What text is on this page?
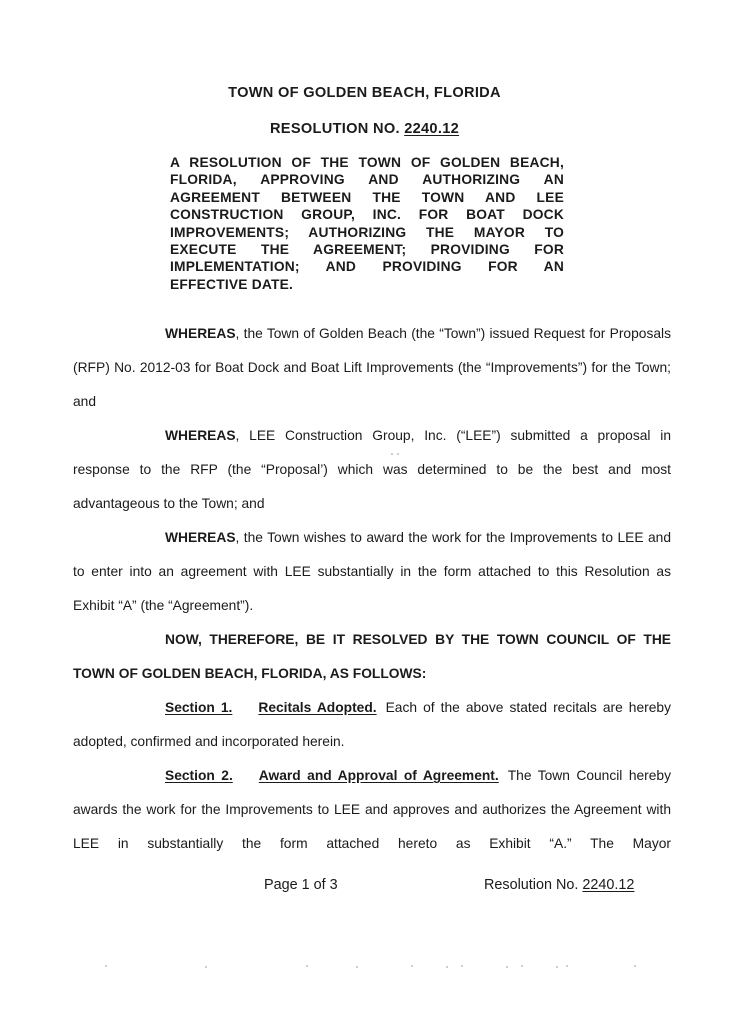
TOWN OF GOLDEN BEACH, FLORIDA
RESOLUTION NO. 2240.12
A RESOLUTION OF THE TOWN OF GOLDEN BEACH,
FLORIDA, APPROVING AND AUTHORIZING AN
AGREEMENT BETWEEN THE TOWN AND LEE
CONSTRUCTION GROUP, INC. FOR BOAT DOCK
IMPROVEMENTS; AUTHORIZING THE MAYOR TO
EXECUTE THE AGREEMENT; PROVIDING FOR
IMPLEMENTATION; AND PROVIDING FOR AN
EFFECTIVE DATE.

WHEREAS, the Town of Golden Beach (the “Town”) issued Request for Proposals (RFP) No. 2012-03 for Boat Dock and Boat Lift Improvements (the “Improvements”) for the Town; and

WHEREAS, LEE Construction Group, Inc. (“LEE”) submitted a proposal in response to the RFP (the “Proposal’) which was determined to be the best and most advantageous to the Town; and

WHEREAS, the Town wishes to award the work for the Improvements to LEE and to enter into an agreement with LEE substantially in the form attached to this Resolution as Exhibit “A” (the “Agreement”).

NOW, THEREFORE, BE IT RESOLVED BY THE TOWN COUNCIL OF THE TOWN OF GOLDEN BEACH, FLORIDA, AS FOLLOWS:

Section 1. Recitals Adopted. Each of the above stated recitals are hereby adopted, confirmed and incorporated herein.

Section 2. Award and Approval of Agreement. The Town Council hereby awards the work for the Improvements to LEE and approves and authorizes the Agreement with LEE in substantially the form attached hereto as Exhibit “A.” The Mayor

Page 1 of 3	Resolution No. 2240.12
